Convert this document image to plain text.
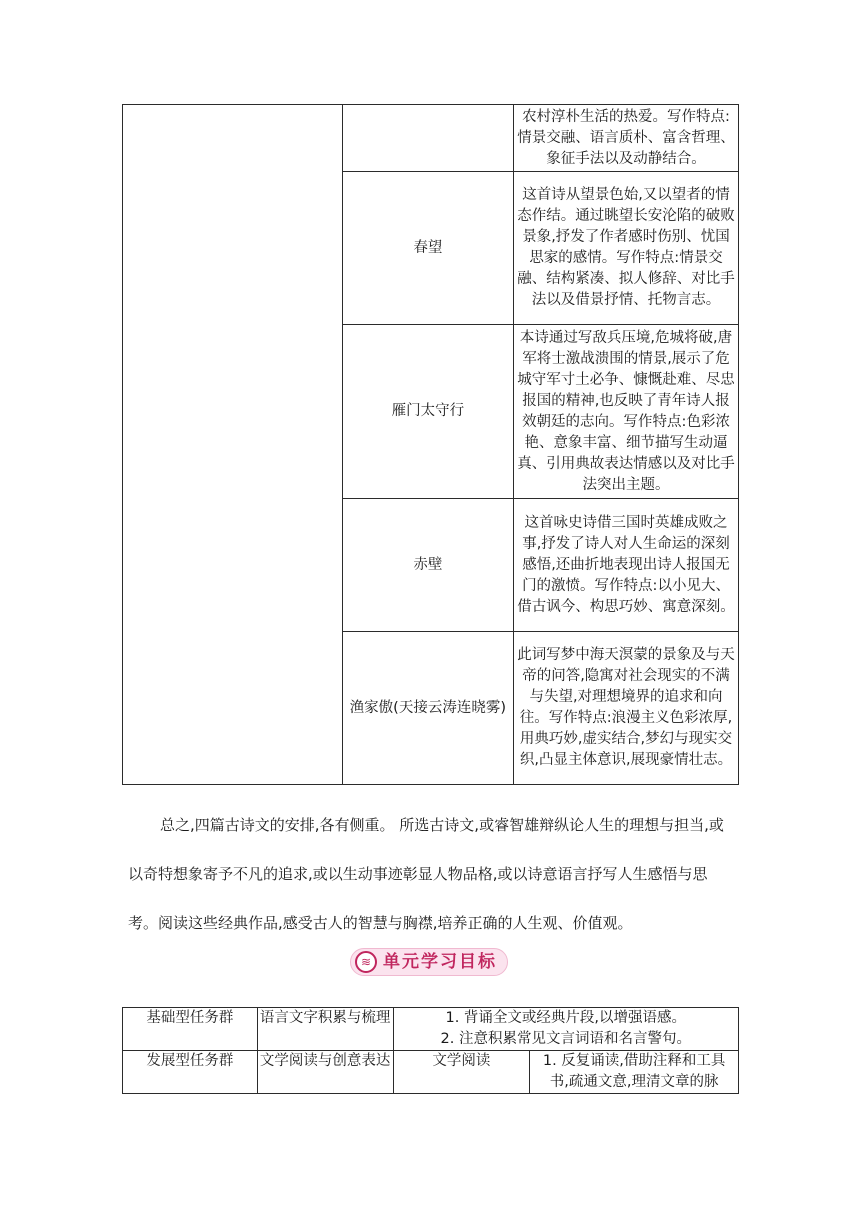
		农村淳朴生活的热爱。写作特点:情景交融、语言质朴、富含哲理、象征手法以及动静结合。
	春望	这首诗从望景色始,又以望者的情态作结。通过眺望长安沦陷的破败景象,抒发了作者感时伤别、忧国思家的感情。写作特点:情景交融、结构紧凑、拟人修辞、对比手法以及借景抒情、托物言志。
	雁门太守行	本诗通过写敌兵压境,危城将破,唐军将士激战溃围的情景,展示了危城守军寸土必争、慷慨赴难、尽忠报国的精神,也反映了青年诗人报效朝廷的志向。写作特点:色彩浓艳、意象丰富、细节描写生动逼真、引用典故表达情感以及对比手法突出主题。
	赤壁	这首咏史诗借三国时英雄成败之事,抒发了诗人对人生命运的深刻感悟,还曲折地表现出诗人报国无门的激愤。写作特点:以小见大、借古讽今、构思巧妙、寓意深刻。
	渔家傲(天接云涛连晓雾)	此词写梦中海天溟蒙的景象及与天帝的问答,隐寓对社会现实的不满与失望,对理想境界的追求和向往。写作特点:浪漫主义色彩浓厚,用典巧妙,虚实结合,梦幻与现实交织,凸显主体意识,展现豪情壮志。

总之,四篇古诗文的安排,各有侧重。 所选古诗文,或睿智雄辩纵论人生的理想与担当,或

以奇特想象寄予不凡的追求,或以生动事迹彰显人物品格,或以诗意语言抒写人生感悟与思

考。阅读这些经典作品,感受古人的智慧与胸襟,培养正确的人生观、价值观。

≋ 单元学习目标
基础型任务群	语言文字积累与梳理	1. 背诵全文或经典片段,以增强语感。
2. 注意积累常见文言词语和名言警句。	

发展型任务群	文学阅读与创意表达	文学阅读	1. 反复诵读,借助注释和工具书,疏通文意,理清文章的脉
